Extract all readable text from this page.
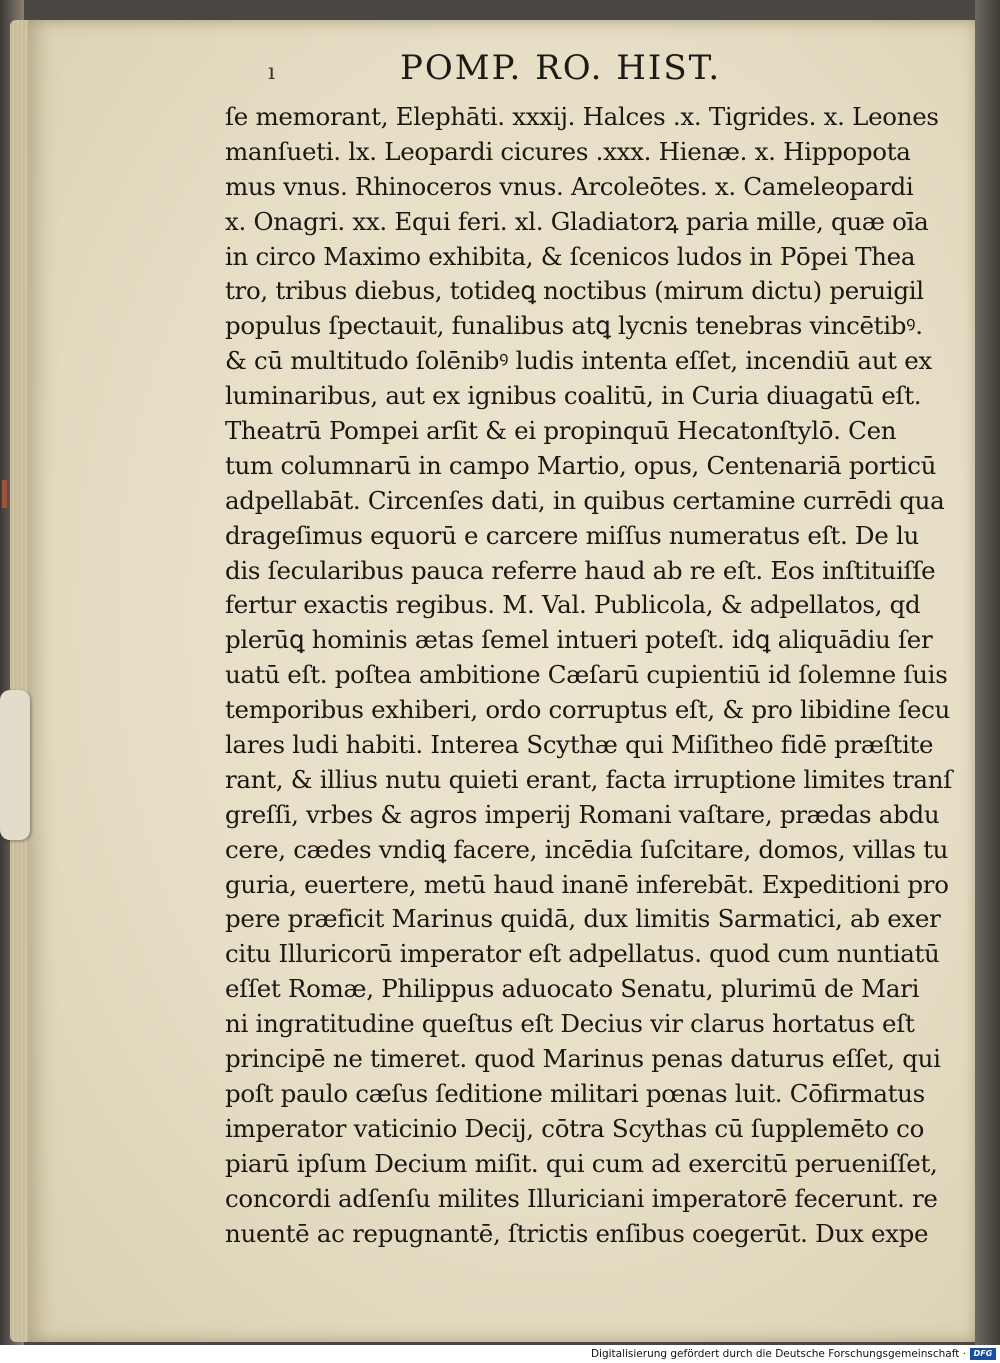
ı	POMP. RO. HIST.
ſe memorant, Elephāti. xxxij. Halces .x. Tigrides. x. Leones
manſueti. lx. Leopardi cicures .xxx. Hienæ. x. Hippopota
mus vnus. Rhinoceros vnus. Arcoleōtes. x. Cameleopardi
x. Onagri. xx. Equi feri. xl. Gladiatorꝝ paria mille, quæ oīa
in circo Maximo exhibita, & ſcenicos ludos in Pōpei Thea
tro, tribus diebus, totideꝗ noctibus (mirum dictu) peruigil
populus ſpectauit, funalibus atꝗ lycnis tenebras vincētibꝰ.
& cū multitudo ſolēnibꝰ ludis intenta eſſet, incendiū aut ex
luminaribus, aut ex ignibus coalitū, in Curia diuagatū eſt.
Theatrū Pompei arſit & ei propinquū Hecatonſtylō. Cen
tum columnarū in campo Martio, opus, Centenariā porticū
adpellabāt. Circenſes dati, in quibus certamine currēdi qua
drageſimus equorū e carcere miſſus numeratus eſt. De lu
dis ſecularibus pauca referre haud ab re eſt. Eos inſtituiſſe
fertur exactis regibus. M. Val. Publicola, & adpellatos, qd
plerūꝗ hominis ætas ſemel intueri poteſt. idꝗ aliquādiu ſer
uatū eſt. poſtea ambitione Cæſarū cupientiū id ſolemne ſuis
temporibus exhiberi, ordo corruptus eſt, & pro libidine ſecu
lares ludi habiti. Interea Scythæ qui Miſitheo fidē præſtite
rant, & illius nutu quieti erant, facta irruptione limites tranſ
greſſi, vrbes & agros imperij Romani vaſtare, prædas abdu
cere, cædes vndiꝗ facere, incēdia ſuſcitare, domos, villas tu
guria, euertere, metū haud inanē inferebāt. Expeditioni pro
pere præficit Marinus quidā, dux limitis Sarmatici, ab exer
citu Illuricorū imperator eſt adpellatus. quod cum nuntiatū
eſſet Romæ, Philippus aduocato Senatu, plurimū de Mari
ni ingratitudine queſtus eſt Decius vir clarus hortatus eſt
principē ne timeret. quod Marinus penas daturus eſſet, qui
poſt paulo cæſus ſeditione militari pœnas luit. Cōfirmatus
imperator vaticinio Decij, cōtra Scythas cū ſupplemēto co
piarū ipſum Decium miſit. qui cum ad exercitū perueniſſet,
concordi adſenſu milites Illuriciani imperatorē fecerunt. re
nuentē ac repugnantē, ſtrictis enſibus coegerūt. Dux expe
Digitalisierung gefördert durch die Deutsche Forschungsgemeinschaft · DFG
